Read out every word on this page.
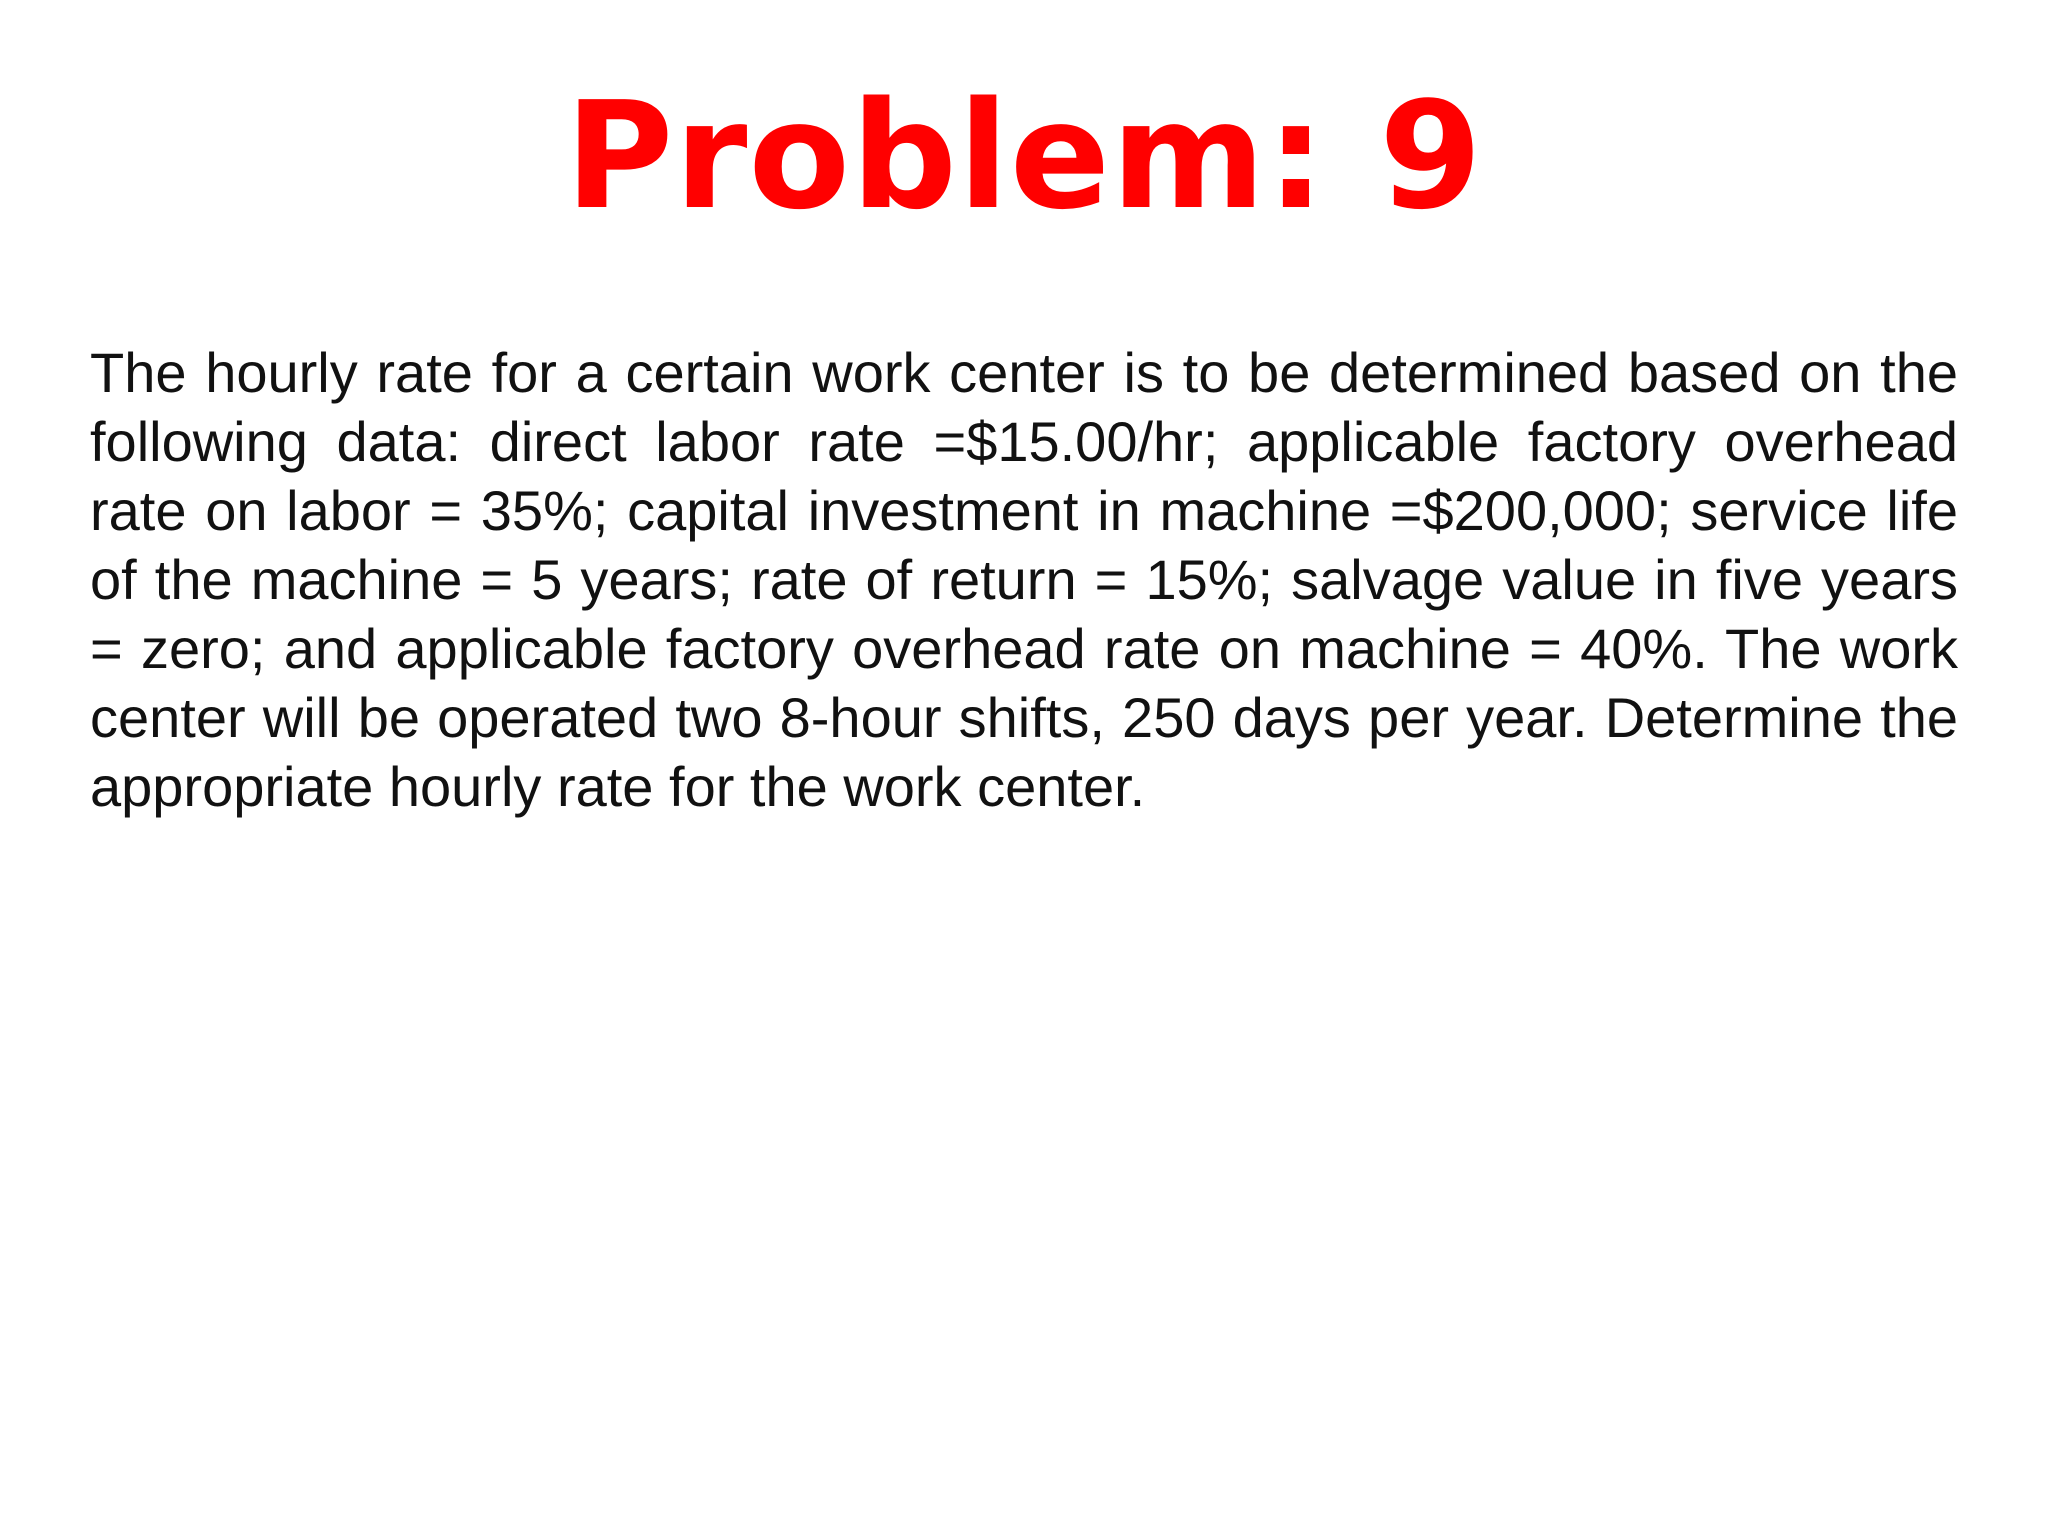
Problem: 9

The hourly rate for a certain work center is to be determined based on the following data: direct labor rate =$15.00/hr; applicable factory overhead rate on labor = 35%; capital investment in machine =$200,000; service life of the machine = 5 years; rate of return = 15%; salvage value in five years = zero; and applicable factory overhead rate on machine = 40%. The work center will be operated two 8-hour shifts, 250 days per year. Determine the appropriate hourly rate for the work center.
